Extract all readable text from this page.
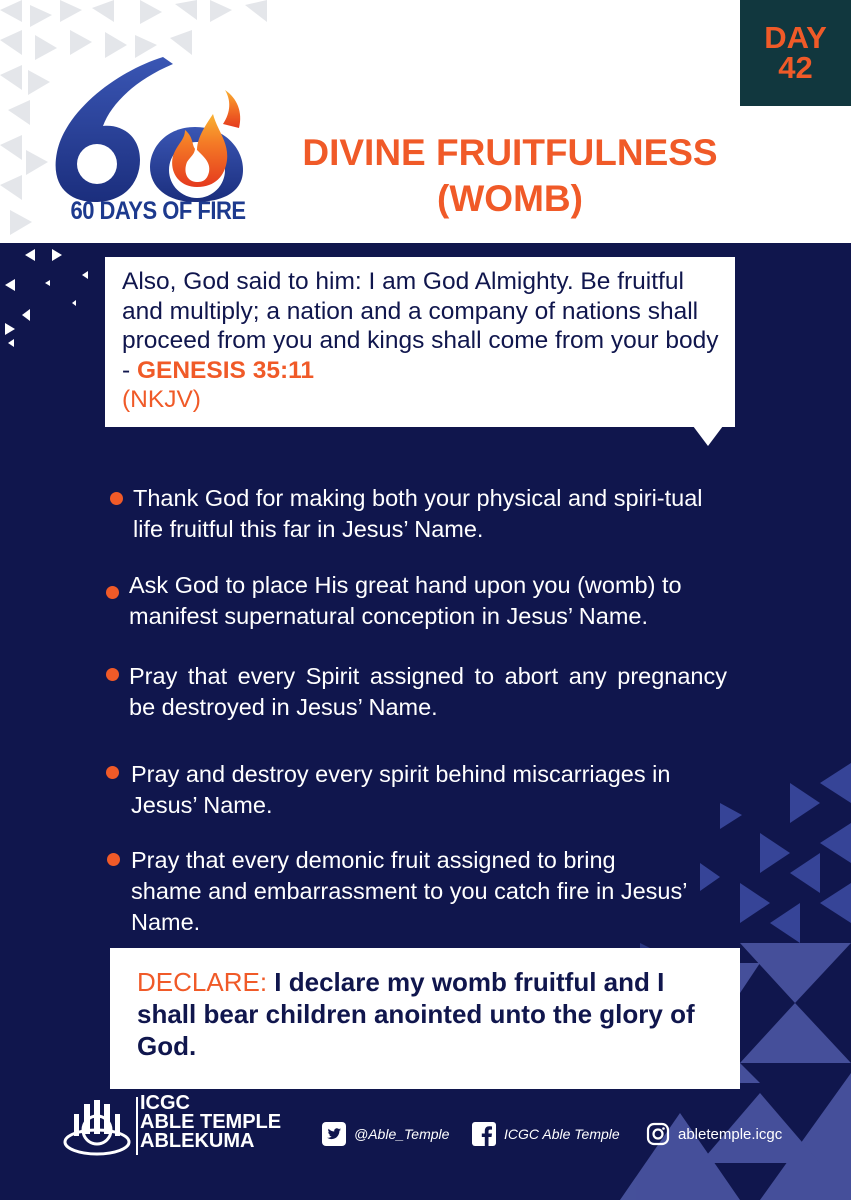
DAY
42
60 DAYS OF FIRE
DIVINE FRUITFULNESS
(WOMB)
Also, God said to him: I am God Almighty. Be fruitful and multiply; a nation and a company of nations shall proceed from you and kings shall come from your body - GENESIS 35:11
(NKJV)
Thank God for making both your physical and spiri-tual life fruitful this far in Jesus’ Name.
Ask God to place His great hand upon you (womb) to manifest supernatural conception in Jesus’ Name.
Pray that every Spirit assigned to abort any pregnancy be destroyed in Jesus’ Name.
Pray and destroy every spirit behind miscarriages in Jesus’ Name.
Pray that every demonic fruit assigned to bring shame and embarrassment to you catch fire in Jesus’ Name.
DECLARE: I declare my womb fruitful and I shall bear children anointed unto the glory of God.
ICGC
ABLE TEMPLE
ABLEKUMA	@Able_Temple	ICGC Able Temple	abletemple.icgc
